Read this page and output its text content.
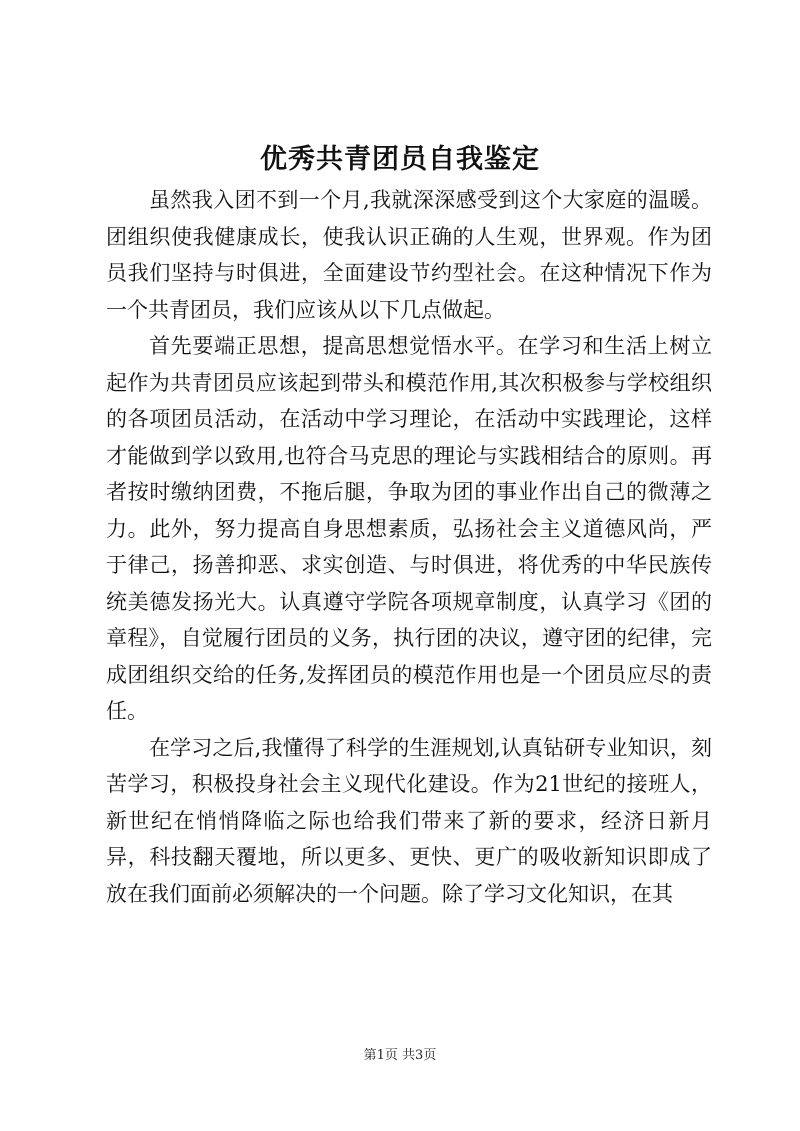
优秀共青团员自我鉴定

虽然我入团不到一个月,我就深深感受到这个大家庭的温暖。团组织使我健康成长，使我认识正确的人生观，世界观。作为团员我们坚持与时俱进，全面建设节约型社会。在这种情况下作为一个共青团员，我们应该从以下几点做起。

首先要端正思想，提高思想觉悟水平。在学习和生活上树立起作为共青团员应该起到带头和模范作用,其次积极参与学校组织的各项团员活动，在活动中学习理论，在活动中实践理论，这样才能做到学以致用,也符合马克思的理论与实践相结合的原则。再者按时缴纳团费，不拖后腿，争取为团的事业作出自己的微薄之力。此外，努力提高自身思想素质，弘扬社会主义道德风尚，严于律己，扬善抑恶、求实创造、与时俱进，将优秀的中华民族传统美德发扬光大。认真遵守学院各项规章制度，认真学习《团的章程》，自觉履行团员的义务，执行团的决议，遵守团的纪律，完成团组织交给的任务,发挥团员的模范作用也是一个团员应尽的责任。

在学习之后,我懂得了科学的生涯规划,认真钻研专业知识，刻苦学习，积极投身社会主义现代化建设。作为21世纪的接班人，新世纪在悄悄降临之际也给我们带来了新的要求，经济日新月异，科技翻天覆地，所以更多、更快、更广的吸收新知识即成了放在我们面前必须解决的一个问题。除了学习文化知识，在其

第1页 共3页
